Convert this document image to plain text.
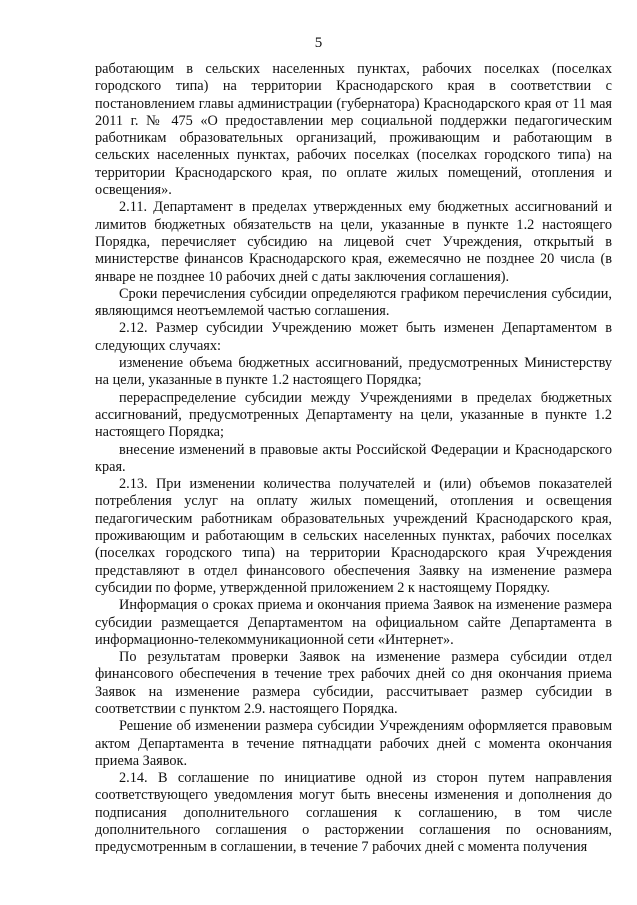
5

работающим в сельских населенных пунктах, рабочих поселках (поселках городского типа) на территории Краснодарского края в соответствии с постановлением главы администрации (губернатора) Краснодарского края от 11 мая 2011 г. № 475 «О предоставлении мер социальной поддержки педагогическим работникам образовательных организаций, проживающим и работающим в сельских населенных пунктах, рабочих поселках (поселках городского типа) на территории Краснодарского края, по оплате жилых помещений, отопления и освещения».

2.11. Департамент в пределах утвержденных ему бюджетных ассигнований и лимитов бюджетных обязательств на цели, указанные в пункте 1.2 настоящего Порядка, перечисляет субсидию на лицевой счет Учреждения, открытый в министерстве финансов Краснодарского края, ежемесячно не позднее 20 числа (в январе не позднее 10 рабочих дней с даты заключения соглашения).

Сроки перечисления субсидии определяются графиком перечисления субсидии, являющимся неотъемлемой частью соглашения.

2.12. Размер субсидии Учреждению может быть изменен Департаментом в следующих случаях:

изменение объема бюджетных ассигнований, предусмотренных Министерству на цели, указанные в пункте 1.2 настоящего Порядка;

перераспределение субсидии между Учреждениями в пределах бюджетных ассигнований, предусмотренных Департаменту на цели, указанные в пункте 1.2 настоящего Порядка;

внесение изменений в правовые акты Российской Федерации и Краснодарского края.

2.13. При изменении количества получателей и (или) объемов показателей потребления услуг на оплату жилых помещений, отопления и освещения педагогическим работникам образовательных учреждений Краснодарского края, проживающим и работающим в сельских населенных пунктах, рабочих поселках (поселках городского типа) на территории Краснодарского края Учреждения представляют в отдел финансового обеспечения Заявку на изменение размера субсидии по форме, утвержденной приложением 2 к настоящему Порядку.

Информация о сроках приема и окончания приема Заявок на изменение размера субсидии размещается Департаментом на официальном сайте Департамента в информационно-телекоммуникационной сети «Интернет».

По результатам проверки Заявок на изменение размера субсидии отдел финансового обеспечения в течение трех рабочих дней со дня окончания приема Заявок на изменение размера субсидии, рассчитывает размер субсидии в соответствии с пунктом 2.9. настоящего Порядка.

Решение об изменении размера субсидии Учреждениям оформляется правовым актом Департамента в течение пятнадцати рабочих дней с момента окончания приема Заявок.

2.14. В соглашение по инициативе одной из сторон путем направления соответствующего уведомления могут быть внесены изменения и дополнения до подписания дополнительного соглашения к соглашению, в том числе дополнительного соглашения о расторжении соглашения по основаниям, предусмотренным в соглашении, в течение 7 рабочих дней с момента получения
